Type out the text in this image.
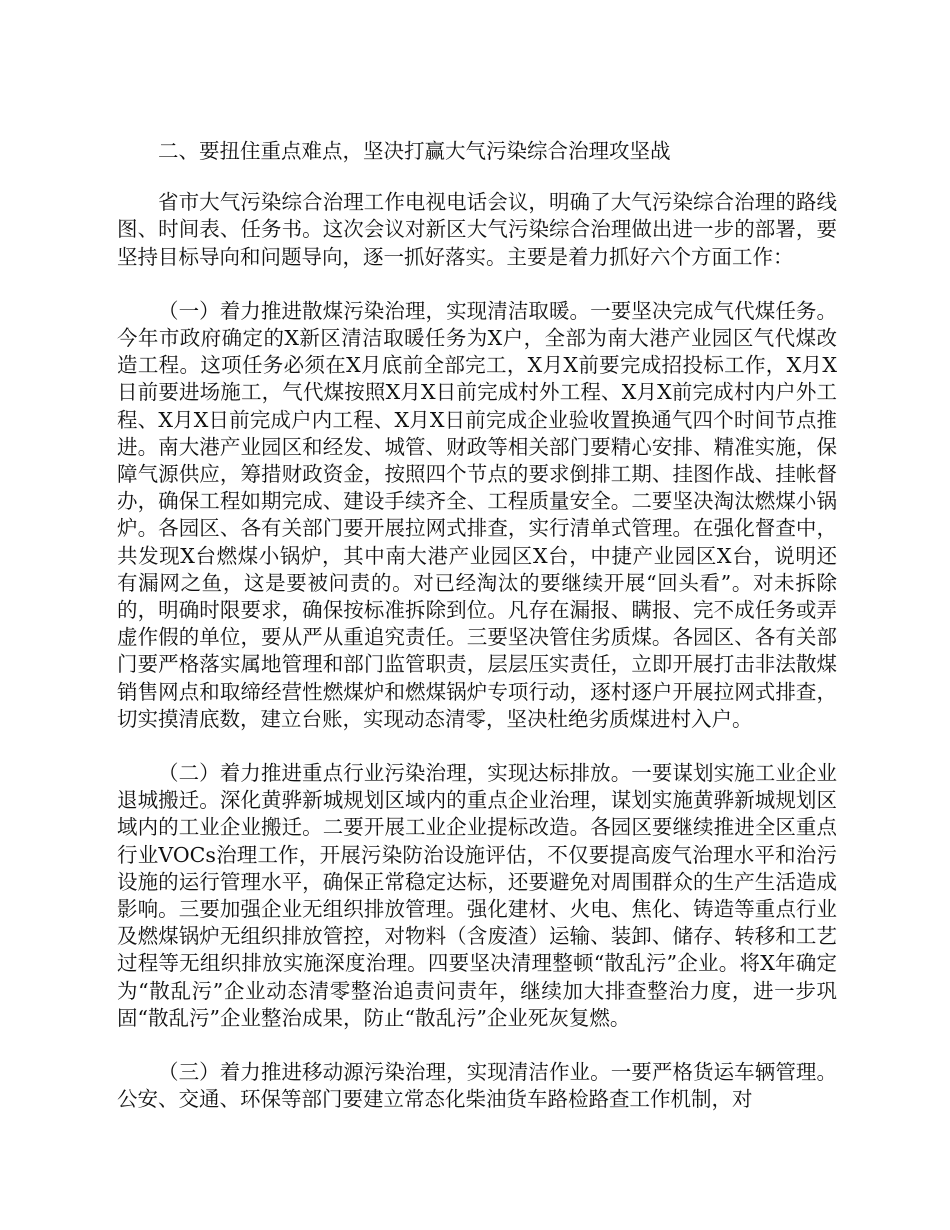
二、要扭住重点难点，坚决打赢大气污染综合治理攻坚战

省市大气污染综合治理工作电视电话会议，明确了大气污染综合治理的路线图、时间表、任务书。这次会议对新区大气污染综合治理做出进一步的部署，要坚持目标导向和问题导向，逐一抓好落实。主要是着力抓好六个方面工作：

（一）着力推进散煤污染治理，实现清洁取暖。一要坚决完成气代煤任务。今年市政府确定的X新区清洁取暖任务为X户，全部为南大港产业园区气代煤改造工程。这项任务必须在X月底前全部完工，X月X前要完成招投标工作，X月X日前要进场施工，气代煤按照X月X日前完成村外工程、X月X前完成村内户外工程、X月X日前完成户内工程、X月X日前完成企业验收置换通气四个时间节点推进。南大港产业园区和经发、城管、财政等相关部门要精心安排、精准实施，保障气源供应，筹措财政资金，按照四个节点的要求倒排工期、挂图作战、挂帐督办，确保工程如期完成、建设手续齐全、工程质量安全。二要坚决淘汰燃煤小锅炉。各园区、各有关部门要开展拉网式排查，实行清单式管理。在强化督查中，共发现X台燃煤小锅炉，其中南大港产业园区X台，中捷产业园区X台，说明还有漏网之鱼，这是要被问责的。对已经淘汰的要继续开展“回头看”。对未拆除的，明确时限要求，确保按标准拆除到位。凡存在漏报、瞒报、完不成任务或弄虚作假的单位，要从严从重追究责任。三要坚决管住劣质煤。各园区、各有关部门要严格落实属地管理和部门监管职责，层层压实责任，立即开展打击非法散煤销售网点和取缔经营性燃煤炉和燃煤锅炉专项行动，逐村逐户开展拉网式排查，切实摸清底数，建立台账，实现动态清零，坚决杜绝劣质煤进村入户。

（二）着力推进重点行业污染治理，实现达标排放。一要谋划实施工业企业退城搬迁。深化黄骅新城规划区域内的重点企业治理，谋划实施黄骅新城规划区域内的工业企业搬迁。二要开展工业企业提标改造。各园区要继续推进全区重点行业VOCs治理工作，开展污染防治设施评估，不仅要提高废气治理水平和治污设施的运行管理水平，确保正常稳定达标，还要避免对周围群众的生产生活造成影响。三要加强企业无组织排放管理。强化建材、火电、焦化、铸造等重点行业及燃煤锅炉无组织排放管控，对物料（含废渣）运输、装卸、储存、转移和工艺过程等无组织排放实施深度治理。四要坚决清理整顿“散乱污”企业。将X年确定为“散乱污”企业动态清零整治追责问责年，继续加大排查整治力度，进一步巩固“散乱污”企业整治成果，防止“散乱污”企业死灰复燃。

（三）着力推进移动源污染治理，实现清洁作业。一要严格货运车辆管理。公安、交通、环保等部门要建立常态化柴油货车路检路查工作机制，对
